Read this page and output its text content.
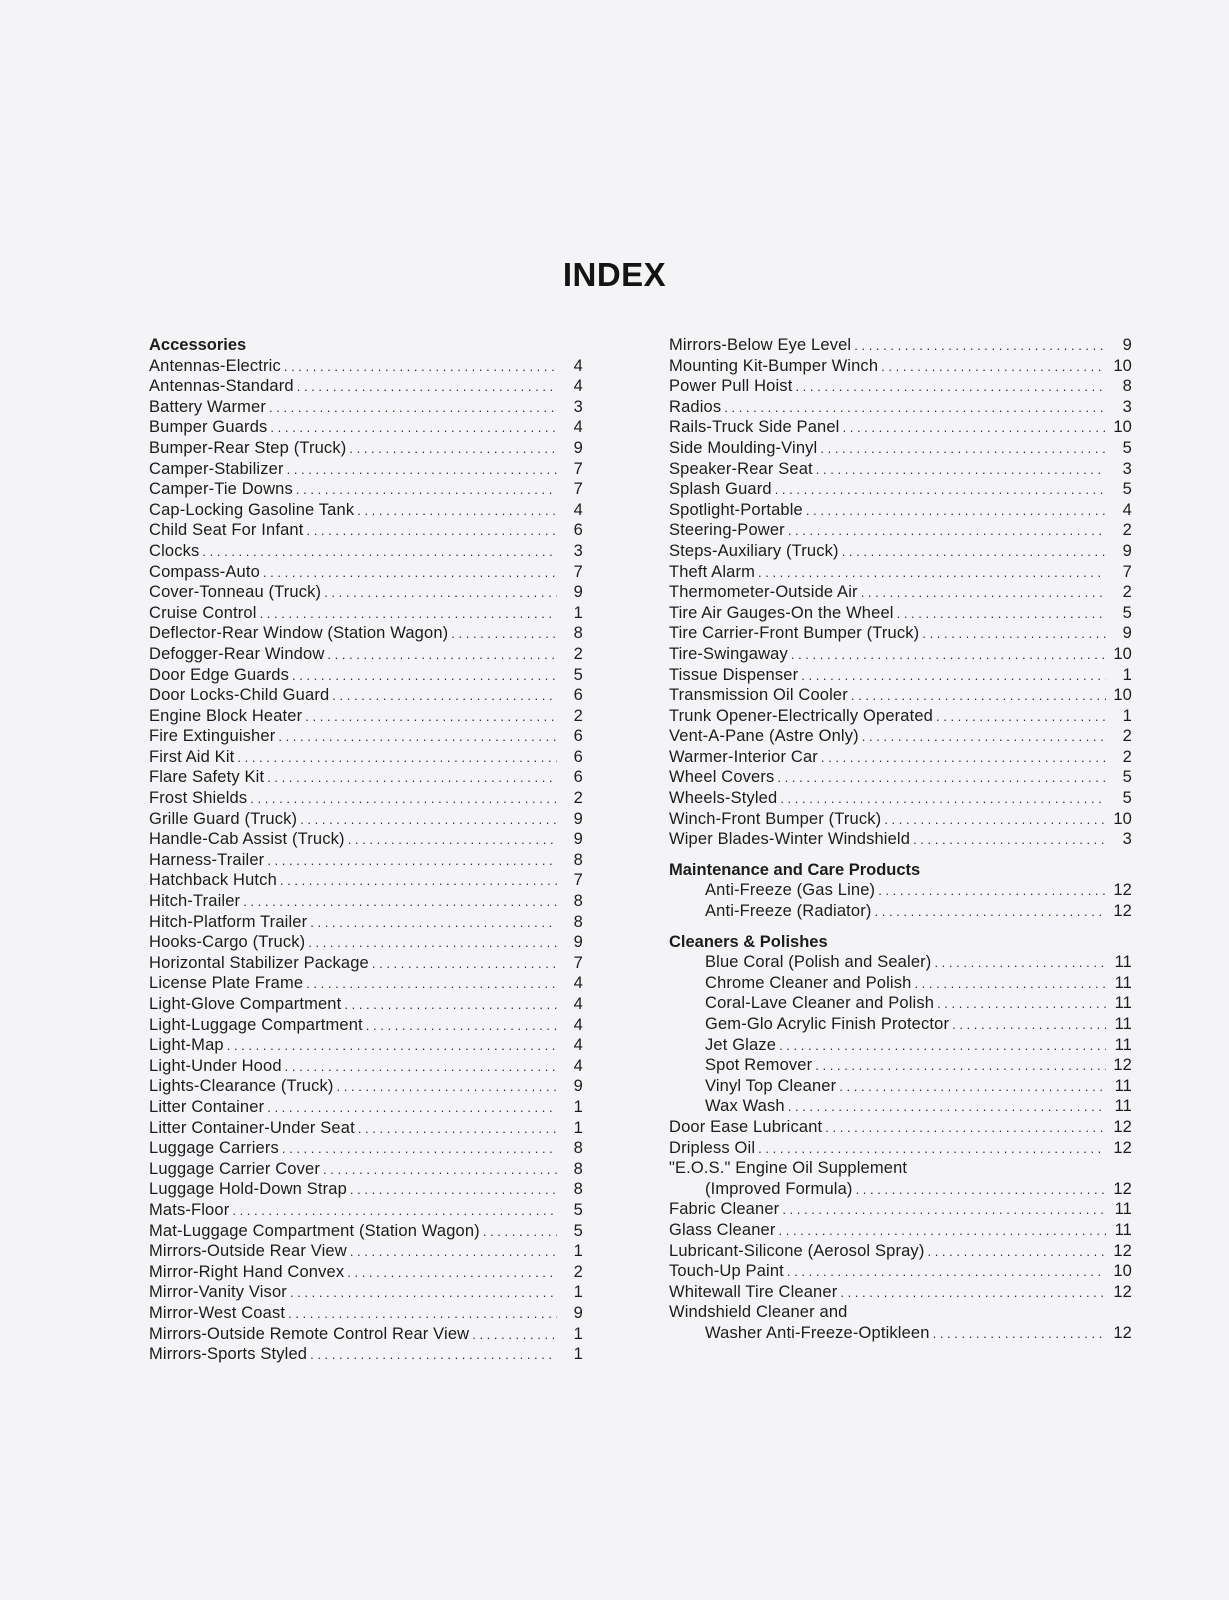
INDEX
Accessories
Antennas-Electric . . .	4
Antennas-Standard . . .	4
Battery Warmer . . .	3
Bumper Guards . . .	4
Bumper-Rear Step (Truck) . . .	9
Camper-Stabilizer . . .	7
Camper-Tie Downs . . .	7
Cap-Locking Gasoline Tank . . .	4
Child Seat For Infant . . .	6
Clocks . . .	3
Compass-Auto . . .	7
Cover-Tonneau (Truck) . . .	9
Cruise Control . . .	1
Deflector-Rear Window (Station Wagon) . . .	8
Defogger-Rear Window . . .	2
Door Edge Guards . . .	5
Door Locks-Child Guard . . .	6
Engine Block Heater . . .	2
Fire Extinguisher . . .	6
First Aid Kit . . .	6
Flare Safety Kit . . .	6
Frost Shields . . .	2
Grille Guard (Truck) . . .	9
Handle-Cab Assist (Truck) . . .	9
Harness-Trailer . . .	8
Hatchback Hutch . . .	7
Hitch-Trailer . . .	8
Hitch-Platform Trailer . . .	8
Hooks-Cargo (Truck) . . .	9
Horizontal Stabilizer Package . . .	7
License Plate Frame . . .	4
Light-Glove Compartment . . .	4
Light-Luggage Compartment . . .	4
Light-Map . . .	4
Light-Under Hood . . .	4
Lights-Clearance (Truck) . . .	9
Litter Container . . .	1
Litter Container-Under Seat . . .	1
Luggage Carriers . . .	8
Luggage Carrier Cover . . .	8
Luggage Hold-Down Strap . . .	8
Mats-Floor . . .	5
Mat-Luggage Compartment (Station Wagon) . . .	5
Mirrors-Outside Rear View . . .	1
Mirror-Right Hand Convex . . .	2
Mirror-Vanity Visor . . .	1
Mirror-West Coast . . .	9
Mirrors-Outside Remote Control Rear View . . .	1
Mirrors-Sports Styled . . .	1
Mirrors-Below Eye Level . . .	9
Mounting Kit-Bumper Winch . . .	10
Power Pull Hoist . . .	8
Radios . . .	3
Rails-Truck Side Panel . . .	10
Side Moulding-Vinyl . . .	5
Speaker-Rear Seat . . .	3
Splash Guard . . .	5
Spotlight-Portable . . .	4
Steering-Power . . .	2
Steps-Auxiliary (Truck) . . .	9
Theft Alarm . . .	7
Thermometer-Outside Air . . .	2
Tire Air Gauges-On the Wheel . . .	5
Tire Carrier-Front Bumper (Truck) . . .	9
Tire-Swingaway . . .	10
Tissue Dispenser . . .	1
Transmission Oil Cooler . . .	10
Trunk Opener-Electrically Operated . . .	1
Vent-A-Pane (Astre Only) . . .	2
Warmer-Interior Car . . .	2
Wheel Covers . . .	5
Wheels-Styled . . .	5
Winch-Front Bumper (Truck) . . .	10
Wiper Blades-Winter Windshield . . .	3
Maintenance and Care Products
Anti-Freeze (Gas Line) . . .	12
Anti-Freeze (Radiator) . . .	12
Cleaners & Polishes
Blue Coral (Polish and Sealer) . . .	11
Chrome Cleaner and Polish . . .	11
Coral-Lave Cleaner and Polish . . .	11
Gem-Glo Acrylic Finish Protector . . .	11
Jet Glaze . . .	11
Spot Remover . . .	12
Vinyl Top Cleaner . . .	11
Wax Wash . . .	11
Door Ease Lubricant . . .	12
Dripless Oil . . .	12
"E.O.S." Engine Oil Supplement
(Improved Formula) . . .	12
Fabric Cleaner . . .	11
Glass Cleaner . . .	11
Lubricant-Silicone (Aerosol Spray) . . .	12
Touch-Up Paint . . .	10
Whitewall Tire Cleaner . . .	12
Windshield Cleaner and
Washer Anti-Freeze-Optikleen . . .	12
